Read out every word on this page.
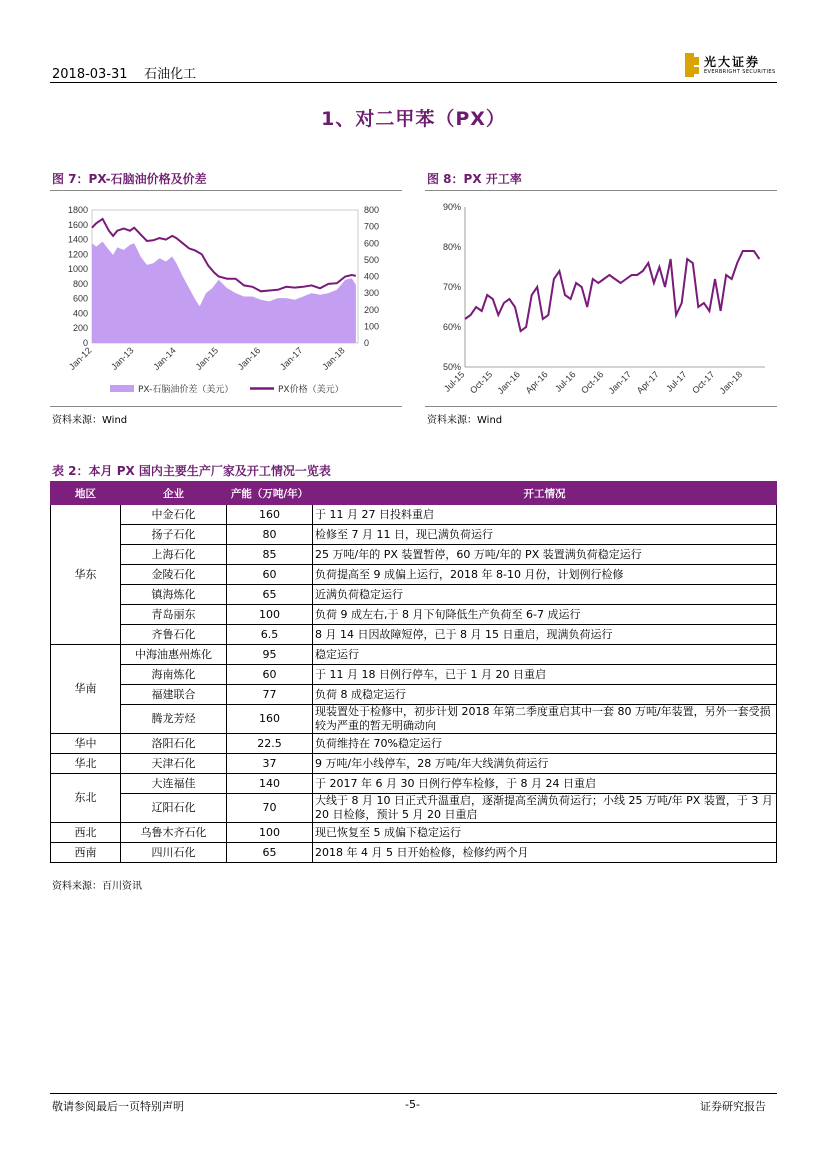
2018-03-31 石油化工
光大证券
EVERBRIGHT SECURITIES
1、对二甲苯（PX）
图 7：PX-石脑油价格及价差
1800
1600
1400
1200
1000
800
600
400
200
0
800
700
600
500
400
300
200
100
0
Jan-12 Jan-13 Jan-14 Jan-15 Jan-16 Jan-17 Jan-18
PX-石脑油价差（美元）	PX价格（美元）
资料来源：Wind
图 8：PX 开工率
90%
80%
70%
60%
50%
Jul-15 Oct-15 Jan-16 Apr-16 Jul-16 Oct-16 Jan-17 Apr-17 Jul-17 Oct-17 Jan-18
资料来源：Wind
表 2：本月 PX 国内主要生产厂家及开工情况一览表
地区	企业	产能（万吨/年）	开工情况
华东	中金石化	160	于 11 月 27 日投料重启
	扬子石化	80	检修至 7 月 11 日，现已满负荷运行
	上海石化	85	25 万吨/年的 PX 装置暂停，60 万吨/年的 PX 装置满负荷稳定运行
	金陵石化	60	负荷提高至 9 成偏上运行，2018 年 8-10 月份，计划例行检修
	镇海炼化	65	近满负荷稳定运行
	青岛丽东	100	负荷 9 成左右,于 8 月下旬降低生产负荷至 6-7 成运行
	齐鲁石化	6.5	8 月 14 日因故障短停，已于 8 月 15 日重启，现满负荷运行
华南	中海油惠州炼化	95	稳定运行
	海南炼化	60	于 11 月 18 日例行停车，已于 1 月 20 日重启
	福建联合	77	负荷 8 成稳定运行
	腾龙芳烃	160	现装置处于检修中，初步计划 2018 年第二季度重启其中一套 80 万吨/年装置，另外一套受损较为严重的暂无明确动向
华中	洛阳石化	22.5	负荷维持在 70%稳定运行
华北	天津石化	37	9 万吨/年小线停车，28 万吨/年大线满负荷运行
东北	大连福佳	140	于 2017 年 6 月 30 日例行停车检修，于 8 月 24 日重启
	辽阳石化	70	大线于 8 月 10 日正式升温重启，逐渐提高至满负荷运行；小线 25 万吨/年 PX 装置，于 3 月 20 日检修，预计 5 月 20 日重启
西北	乌鲁木齐石化	100	现已恢复至 5 成偏下稳定运行
西南	四川石化	65	2018 年 4 月 5 日开始检修，检修约两个月
资料来源：百川资讯
敬请参阅最后一页特别声明	-5-	证券研究报告
